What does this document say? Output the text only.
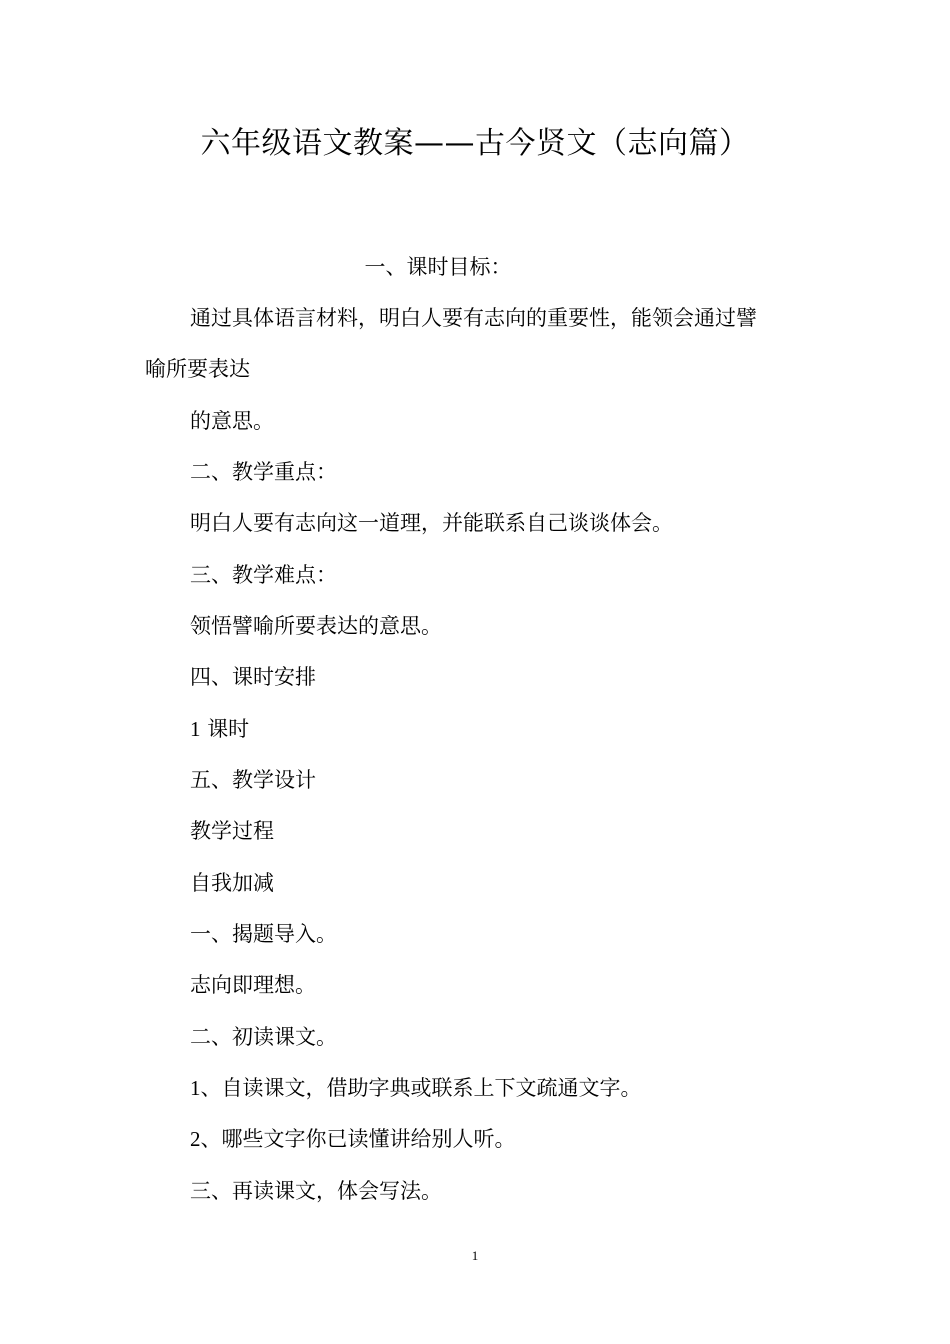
六年级语文教案——古今贤文（志向篇）

一、课时目标：

通过具体语言材料，明白人要有志向的重要性，能领会通过譬

喻所要表达

的意思。

二、教学重点：

明白人要有志向这一道理，并能联系自己谈谈体会。

三、教学难点：

领悟譬喻所要表达的意思。

四、课时安排

1 课时

五、教学设计

教学过程

自我加减

一、揭题导入。

志向即理想。

二、初读课文。

1、自读课文，借助字典或联系上下文疏通文字。

2、哪些文字你已读懂讲给别人听。

三、再读课文，体会写法。

1
